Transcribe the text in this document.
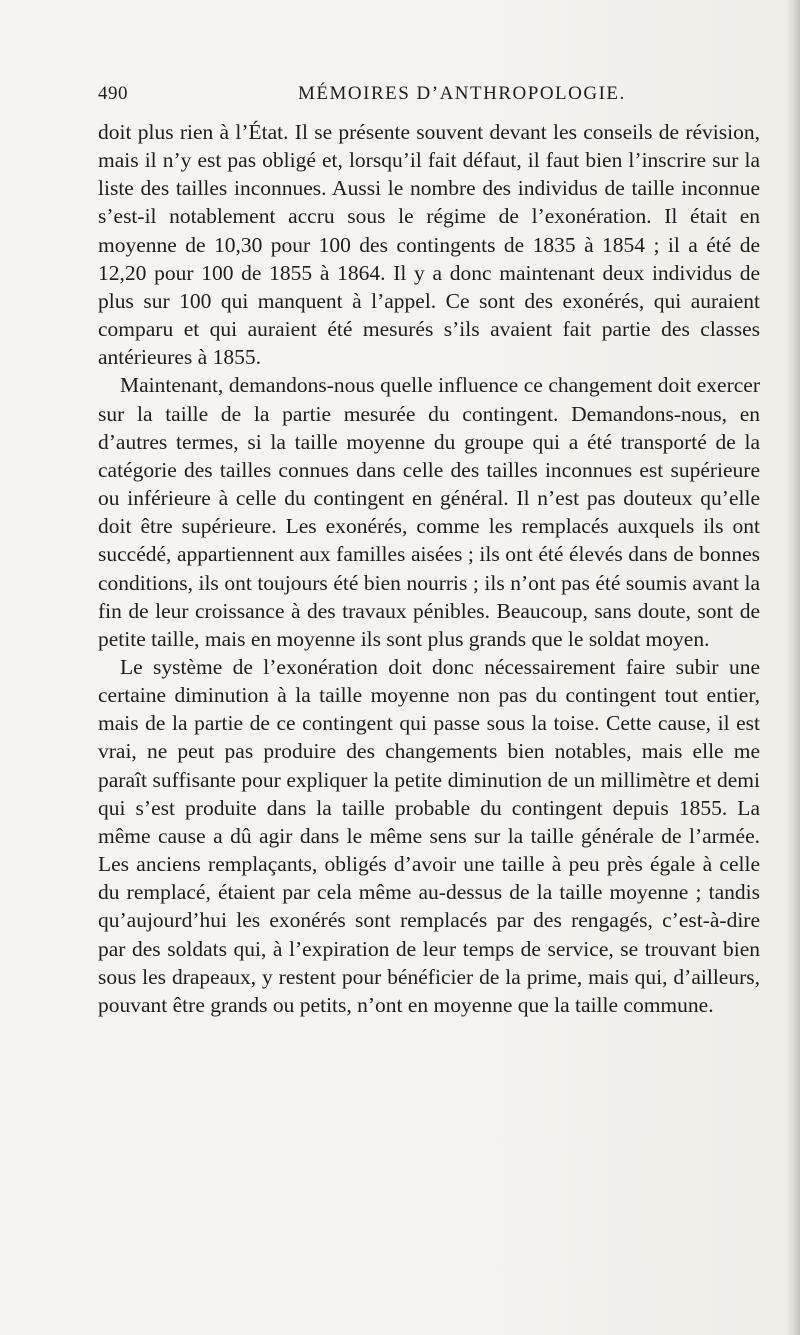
490	MÉMOIRES D’ANTHROPOLOGIE.

doit plus rien à l’État. Il se présente souvent devant les conseils de révision, mais il n’y est pas obligé et, lorsqu’il fait défaut, il faut bien l’inscrire sur la liste des tailles inconnues. Aussi le nombre des individus de taille inconnue s’est-il notablement accru sous le régime de l’exonération. Il était en moyenne de 10,30 pour 100 des contingents de 1835 à 1854 ; il a été de 12,20 pour 100 de 1855 à 1864. Il y a donc maintenant deux individus de plus sur 100 qui manquent à l’appel. Ce sont des exonérés, qui auraient comparu et qui auraient été mesurés s’ils avaient fait partie des classes antérieures à 1855.

Maintenant, demandons-nous quelle influence ce changement doit exercer sur la taille de la partie mesurée du contingent. Demandons-nous, en d’autres termes, si la taille moyenne du groupe qui a été transporté de la catégorie des tailles connues dans celle des tailles inconnues est supérieure ou inférieure à celle du contingent en général. Il n’est pas douteux qu’elle doit être supérieure. Les exonérés, comme les remplacés auxquels ils ont succédé, appartiennent aux familles aisées ; ils ont été élevés dans de bonnes conditions, ils ont toujours été bien nourris ; ils n’ont pas été soumis avant la fin de leur croissance à des travaux pénibles. Beaucoup, sans doute, sont de petite taille, mais en moyenne ils sont plus grands que le soldat moyen.

Le système de l’exonération doit donc nécessairement faire subir une certaine diminution à la taille moyenne non pas du contingent tout entier, mais de la partie de ce contingent qui passe sous la toise. Cette cause, il est vrai, ne peut pas produire des changements bien notables, mais elle me paraît suffisante pour expliquer la petite diminution de un millimètre et demi qui s’est produite dans la taille probable du contingent depuis 1855. La même cause a dû agir dans le même sens sur la taille générale de l’armée. Les anciens remplaçants, obligés d’avoir une taille à peu près égale à celle du remplacé, étaient par cela même au-dessus de la taille moyenne ; tandis qu’aujourd’hui les exonérés sont remplacés par des rengagés, c’est-à-dire par des soldats qui, à l’expiration de leur temps de service, se trouvant bien sous les drapeaux, y restent pour bénéficier de la prime, mais qui, d’ailleurs, pouvant être grands ou petits, n’ont en moyenne que la taille commune.
